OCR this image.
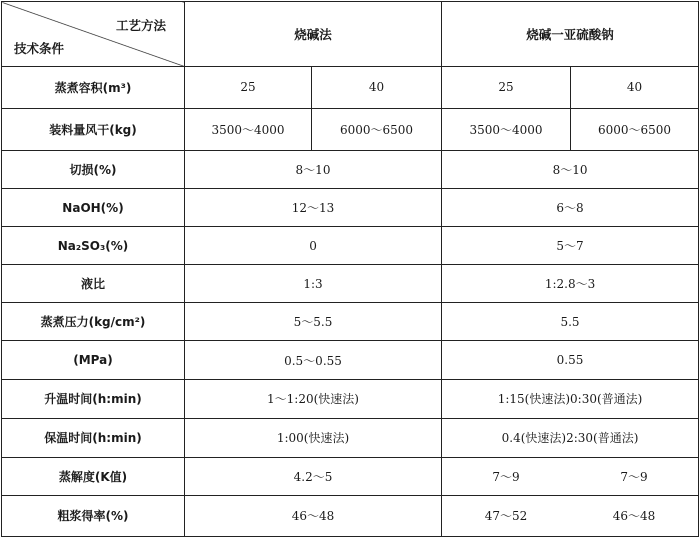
工艺方法
技术条件	烧碱法		烧碱一亚硫酸钠	
蒸煮容积(m³)	25	40	25	40
装料量风干(kg)	3500～4000	6000～6500	3500～4000	6000～6500
切损(%)	8～10		8～10	
NaOH(%)	12～13		6～8	
Na₂SO₃(%)	0		5～7	
液比	1:3		1:2.8～3	
蒸煮压力(kg/cm²)	5～5.5		5.5	
(MPa)	0.5～0.55		0.55	
升温时间(h:min)	1～1:20(快速法)		1:15(快速法)0:30(普通法)	
保温时间(h:min)	1:00(快速法)		0.4(快速法)2:30(普通法)	
蒸解度(K值)	4.2～5		7～9 7～9	

粗浆得率(%)	46～48		47～52 46～48	
